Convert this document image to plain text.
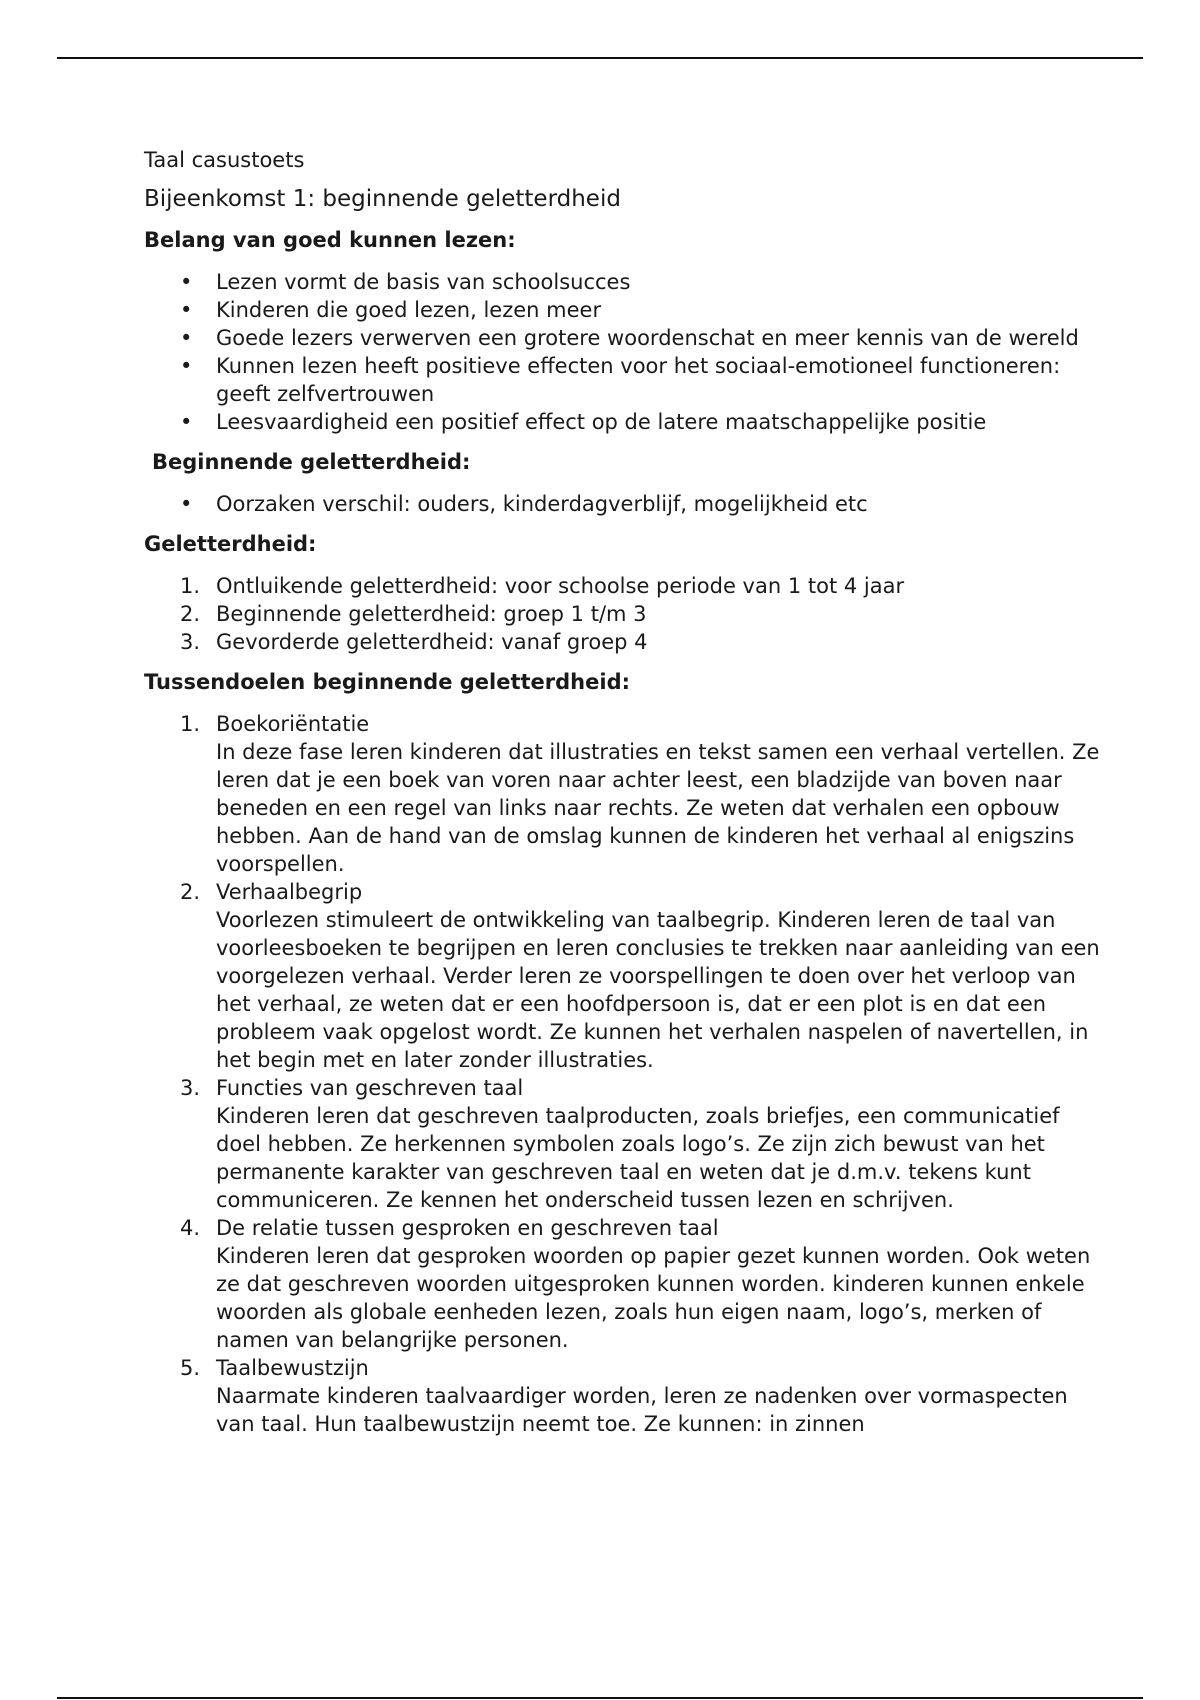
Taal casustoets

Bijeenkomst 1: beginnende geletterdheid

Belang van goed kunnen lezen:

• Lezen vormt de basis van schoolsucces
• Kinderen die goed lezen, lezen meer
• Goede lezers verwerven een grotere woordenschat en meer kennis van de wereld
• Kunnen lezen heeft positieve effecten voor het sociaal-emotioneel functioneren: geeft zelfvertrouwen
• Leesvaardigheid een positief effect op de latere maatschappelijke positie

Beginnende geletterdheid:

• Oorzaken verschil: ouders, kinderdagverblijf, mogelijkheid etc

Geletterdheid:

1. Ontluikende geletterdheid: voor schoolse periode van 1 tot 4 jaar
2. Beginnende geletterdheid: groep 1 t/m 3
3. Gevorderde geletterdheid: vanaf groep 4

Tussendoelen beginnende geletterdheid:

1. Boekoriëntatie
In deze fase leren kinderen dat illustraties en tekst samen een verhaal vertellen. Ze leren dat je een boek van voren naar achter leest, een bladzijde van boven naar beneden en een regel van links naar rechts. Ze weten dat verhalen een opbouw hebben. Aan de hand van de omslag kunnen de kinderen het verhaal al enigszins voorspellen.
2. Verhaalbegrip
Voorlezen stimuleert de ontwikkeling van taalbegrip. Kinderen leren de taal van voorleesboeken te begrijpen en leren conclusies te trekken naar aanleiding van een voorgelezen verhaal. Verder leren ze voorspellingen te doen over het verloop van het verhaal, ze weten dat er een hoofdpersoon is, dat er een plot is en dat een probleem vaak opgelost wordt. Ze kunnen het verhalen naspelen of navertellen, in het begin met en later zonder illustraties.
3. Functies van geschreven taal
Kinderen leren dat geschreven taalproducten, zoals briefjes, een communicatief doel hebben. Ze herkennen symbolen zoals logo’s. Ze zijn zich bewust van het permanente karakter van geschreven taal en weten dat je d.m.v. tekens kunt communiceren. Ze kennen het onderscheid tussen lezen en schrijven.
4. De relatie tussen gesproken en geschreven taal
Kinderen leren dat gesproken woorden op papier gezet kunnen worden. Ook weten ze dat geschreven woorden uitgesproken kunnen worden. kinderen kunnen enkele woorden als globale eenheden lezen, zoals hun eigen naam, logo’s, merken of namen van belangrijke personen.
5. Taalbewustzijn
Naarmate kinderen taalvaardiger worden, leren ze nadenken over vormaspecten van taal. Hun taalbewustzijn neemt toe. Ze kunnen: in zinnen
